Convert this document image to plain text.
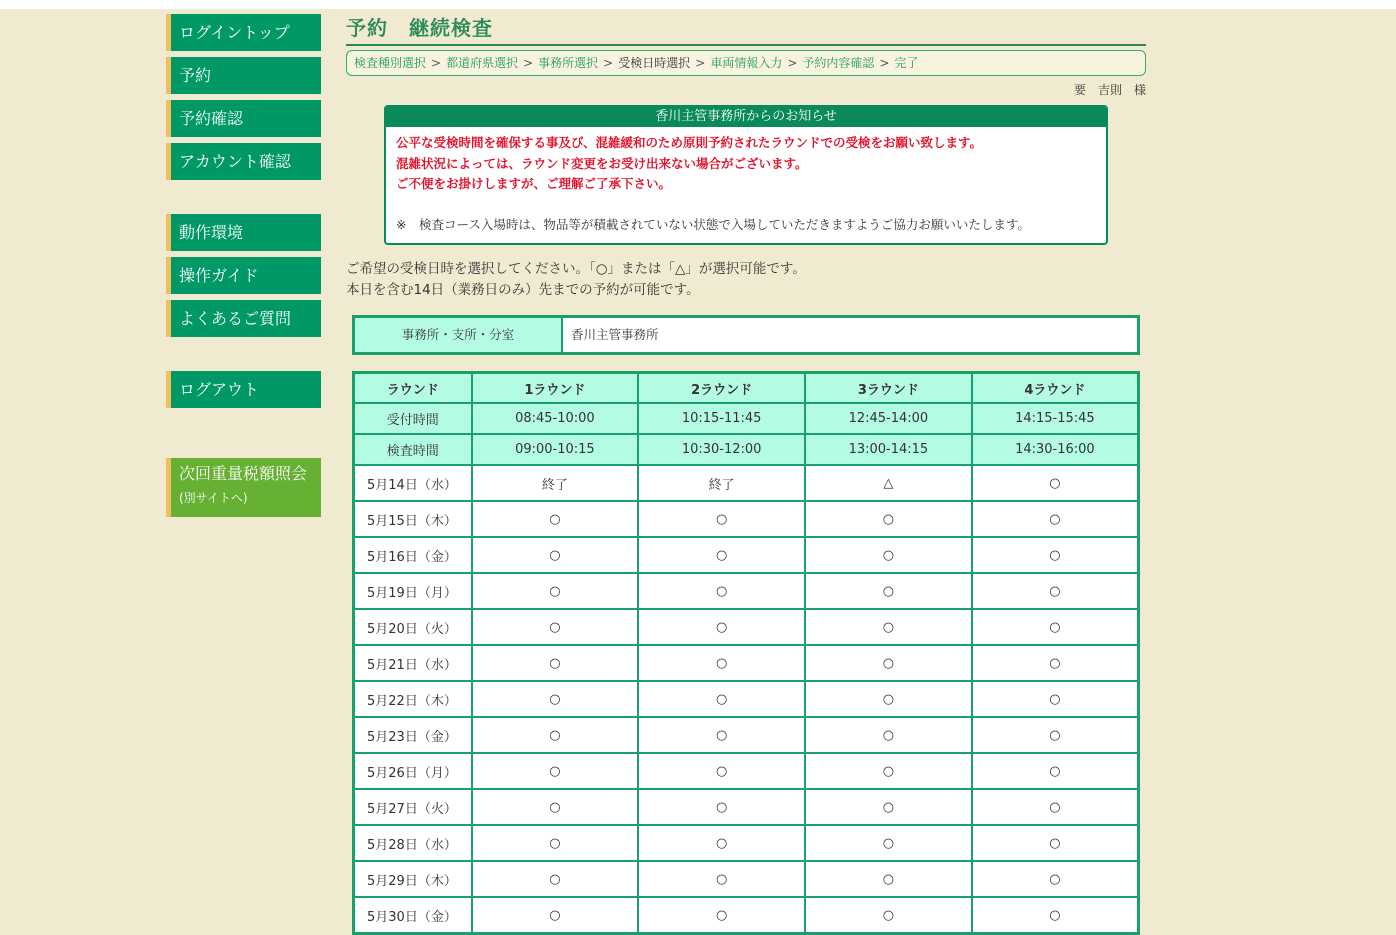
ログイントップ
予約
予約確認
アカウント確認
動作環境
操作ガイド
よくあるご質問
ログアウト
次回重量税額照会
(別サイトへ)
予約　継続検査
検査種別選択 > 都道府県選択 > 事務所選択 > 受検日時選択 > 車両情報入力 > 予約内容確認 > 完了
要　吉則　様
香川主管事務所からのお知らせ
公平な受検時間を確保する事及び、混雑緩和のため原則予約されたラウンドでの受検をお願い致します。
混雑状況によっては、ラウンド変更をお受け出来ない場合がございます。
ご不便をお掛けしますが、ご理解ご了承下さい。
※　検査コース入場時は、物品等が積載されていない状態で入場していただきますようご協力お願いいたします。
ご希望の受検日時を選択してください。「○」または「△」が選択可能です。
本日を含む14日（業務日のみ）先までの予約が可能です。
事務所・支所・分室	香川主管事務所
ラウンド	1ラウンド	2ラウンド	3ラウンド	4ラウンド
受付時間	08:45-10:00	10:15-11:45	12:45-14:00	14:15-15:45
検査時間	09:00-10:15	10:30-12:00	13:00-14:15	14:30-16:00
5月14日（水）	終了	終了	△	○
5月15日（木）	○	○	○	○
5月16日（金）	○	○	○	○
5月19日（月）	○	○	○	○
5月20日（火）	○	○	○	○
5月21日（水）	○	○	○	○
5月22日（木）	○	○	○	○
5月23日（金）	○	○	○	○
5月26日（月）	○	○	○	○
5月27日（火）	○	○	○	○
5月28日（水）	○	○	○	○
5月29日（木）	○	○	○	○
5月30日（金）	○	○	○	○
